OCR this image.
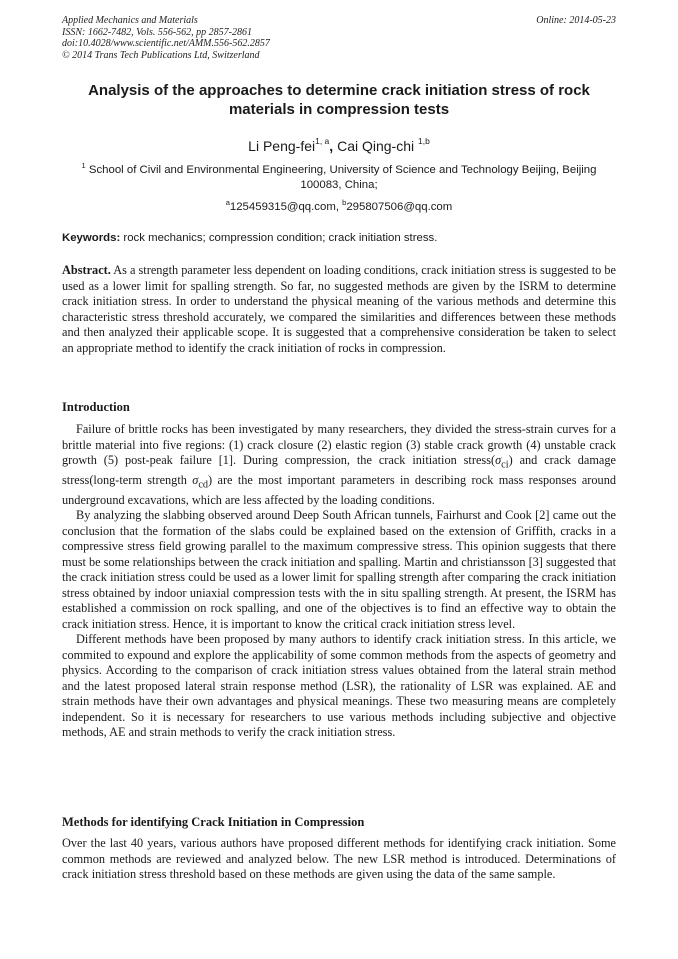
Applied Mechanics and Materials	Online: 2014-05-23
ISSN: 1662-7482, Vols. 556-562, pp 2857-2861
doi:10.4028/www.scientific.net/AMM.556-562.2857
© 2014 Trans Tech Publications Ltd, Switzerland
Analysis of the approaches to determine crack initiation stress of rock materials in compression tests
Li Peng-fei$^{1, a}$, Cai Qing-chi $^{1,b}$
$^1$ School of Civil and Environmental Engineering, University of Science and Technology Beijing, Beijing 100083, China;
$^a$125459315@qq.com, $^b$295807506@qq.com
Keywords: rock mechanics; compression condition; crack initiation stress.

Abstract. As a strength parameter less dependent on loading conditions, crack initiation stress is suggested to be used as a lower limit for spalling strength. So far, no suggested methods are given by the ISRM to determine crack initiation stress. In order to understand the physical meaning of the various methods and determine this characteristic stress threshold accurately, we compared the similarities and differences between these methods and then analyzed their applicable scope. It is suggested that a comprehensive consideration be taken to select an appropriate method to identify the crack initiation of rocks in compression.

Introduction

Failure of brittle rocks has been investigated by many researchers, they divided the stress-strain curves for a brittle material into five regions: (1) crack closure (2) elastic region (3) stable crack growth (4) unstable crack growth (5) post-peak failure [1]. During compression, the crack initiation $stress(\sigma_{ci})$ and crack damage stress(long-term strength $\sigma_{cd}$) are the most important parameters in describing rock mass responses around underground excavations, which are less affected by the loading conditions.

By analyzing the slabbing observed around Deep South African tunnels, Fairhurst and Cook [2] came out the conclusion that the formation of the slabs could be explained based on the extension of Griffith, cracks in a compressive stress field growing parallel to the maximum compressive stress. This opinion suggests that there must be some relationships between the crack initiation and spalling. Martin and christiansson [3] suggested that the crack initiation stress could be used as a lower limit for spalling strength after comparing the crack initiation stress obtained by indoor uniaxial compression tests with the in situ spalling strength. At present, the ISRM has established a commission on rock spalling, and one of the objectives is to find an effective way to obtain the crack initiation stress. Hence, it is important to know the critical crack initiation stress level.

Different methods have been proposed by many authors to identify crack initiation stress. In this article, we commited to expound and explore the applicability of some common methods from the aspects of geometry and physics. According to the comparison of crack initiation stress values obtained from the lateral strain method and the latest proposed lateral strain response method (LSR), the rationality of LSR was explained. AE and strain methods have their own advantages and physical meanings. These two measuring means are completely independent. So it is necessary for researchers to use various methods including subjective and objective methods, AE and strain methods to verify the crack initiation stress.

Methods for identifying Crack Initiation in Compression

Over the last 40 years, various authors have proposed different methods for identifying crack initiation. Some common methods are reviewed and analyzed below. The new LSR method is introduced. Determinations of crack initiation stress threshold based on these methods are given using the data of the same sample.
